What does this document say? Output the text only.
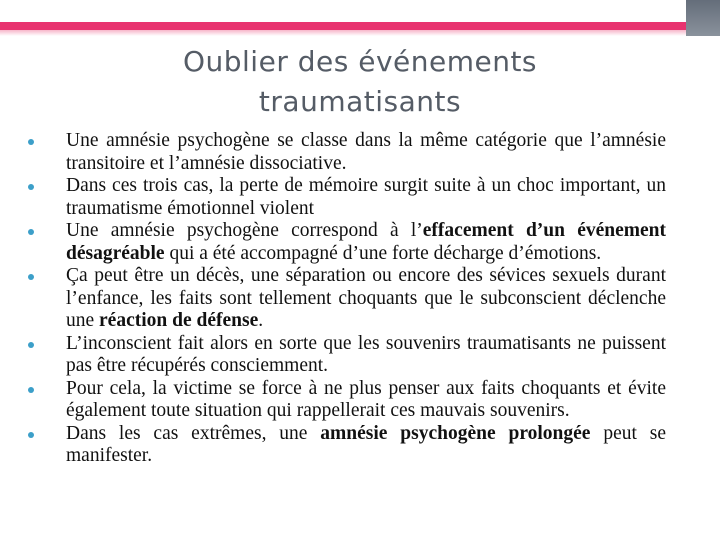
Oublier des événements
traumatisants
Une amnésie psychogène se classe dans la même catégorie que l’amnésie transitoire et l’amnésie dissociative.
Dans ces trois cas, la perte de mémoire surgit suite à un choc important, un traumatisme émotionnel violent
Une amnésie psychogène correspond à l’effacement d’un événement désagréable qui a été accompagné d’une forte décharge d’émotions.
Ça peut être un décès, une séparation ou encore des sévices sexuels durant l’enfance, les faits sont tellement choquants que le subconscient déclenche une réaction de défense.
L’inconscient fait alors en sorte que les souvenirs traumatisants ne puissent pas être récupérés consciemment.
Pour cela, la victime se force à ne plus penser aux faits choquants et évite également toute situation qui rappellerait ces mauvais souvenirs.
Dans les cas extrêmes, une amnésie psychogène prolongée peut se manifester.
